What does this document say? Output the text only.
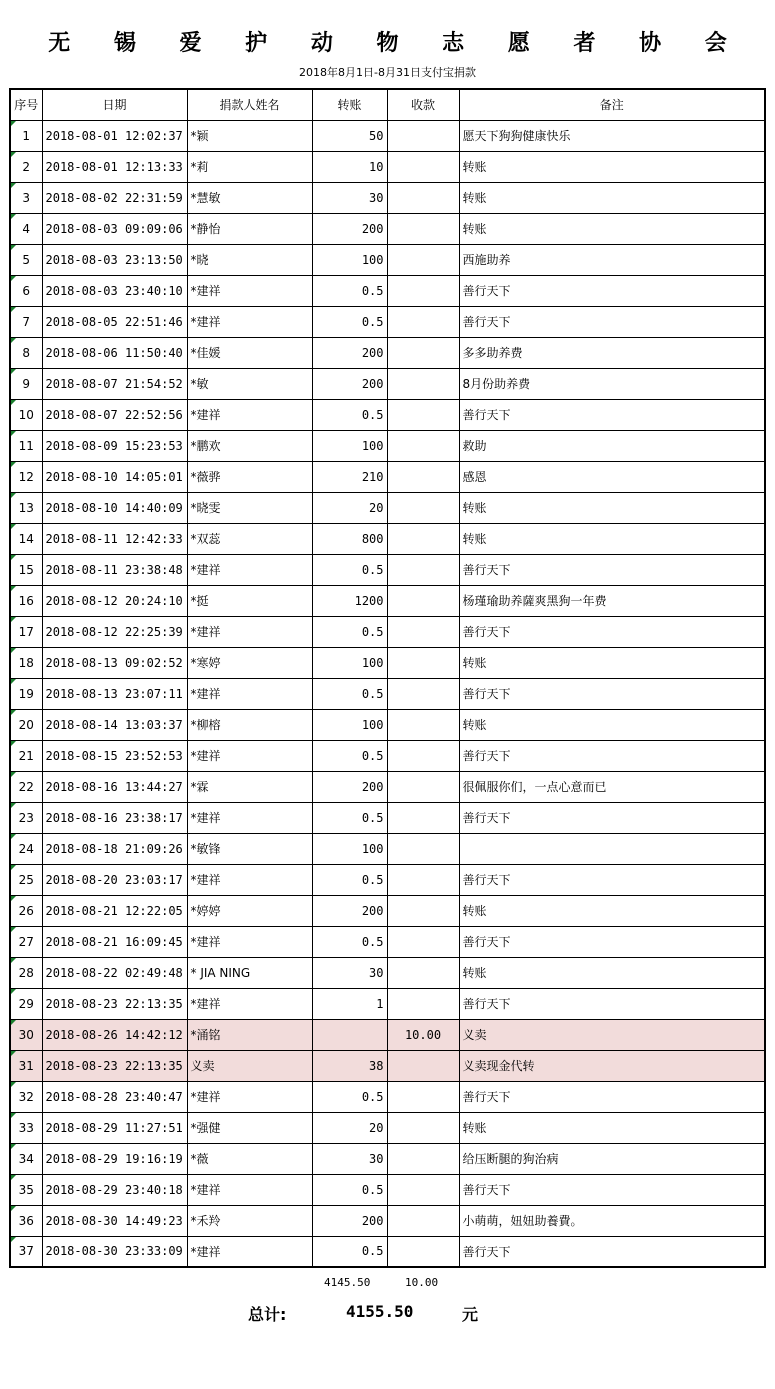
无 锡 爱 护 动 物 志 愿 者 协 会
2018年8月1日-8月31日支付宝捐款
序号	日期	捐款人姓名	转账	收款	备注
1	2018-08-01 12:02:37	*颖	50		愿天下狗狗健康快乐
2	2018-08-01 12:13:33	*莉	10		转账
3	2018-08-02 22:31:59	*慧敏	30		转账
4	2018-08-03 09:09:06	*静怡	200		转账
5	2018-08-03 23:13:50	*晓	100		西施助养
6	2018-08-03 23:40:10	*建祥	0.5		善行天下
7	2018-08-05 22:51:46	*建祥	0.5		善行天下
8	2018-08-06 11:50:40	*佳媛	200		多多助养费
9	2018-08-07 21:54:52	*敏	200		8月份助养费
10	2018-08-07 22:52:56	*建祥	0.5		善行天下
11	2018-08-09 15:23:53	*鹏欢	100		救助
12	2018-08-10 14:05:01	*薇骅	210		感恩
13	2018-08-10 14:40:09	*晓雯	20		转账
14	2018-08-11 12:42:33	*双蕊	800		转账
15	2018-08-11 23:38:48	*建祥	0.5		善行天下
16	2018-08-12 20:24:10	*挺	1200		杨瑾瑜助养薩爽黑狗一年费
17	2018-08-12 22:25:39	*建祥	0.5		善行天下
18	2018-08-13 09:02:52	*寒婷	100		转账
19	2018-08-13 23:07:11	*建祥	0.5		善行天下
20	2018-08-14 13:03:37	*柳榕	100		转账
21	2018-08-15 23:52:53	*建祥	0.5		善行天下
22	2018-08-16 13:44:27	*霖	200		很佩服你们，一点心意而已
23	2018-08-16 23:38:17	*建祥	0.5		善行天下
24	2018-08-18 21:09:26	*敏锋	100		
25	2018-08-20 23:03:17	*建祥	0.5		善行天下
26	2018-08-21 12:22:05	*婷婷	200		转账
27	2018-08-21 16:09:45	*建祥	0.5		善行天下
28	2018-08-22 02:49:48	* JIA NING	30		转账
29	2018-08-23 22:13:35	*建祥	1		善行天下
30	2018-08-26 14:42:12	*涌铭		10.00	义卖
31	2018-08-23 22:13:35	义卖	38		义卖现金代转
32	2018-08-28 23:40:47	*建祥	0.5		善行天下
33	2018-08-29 11:27:51	*强健	20		转账
34	2018-08-29 19:16:19	*薇	30		给压断腿的狗治病
35	2018-08-29 23:40:18	*建祥	0.5		善行天下
36	2018-08-30 14:49:23	*禾羚	200		小萌萌，妞妞助養費。
37	2018-08-30 23:33:09	*建祥	0.5		善行天下
4145.50	10.00
总计:	4155.50	元
